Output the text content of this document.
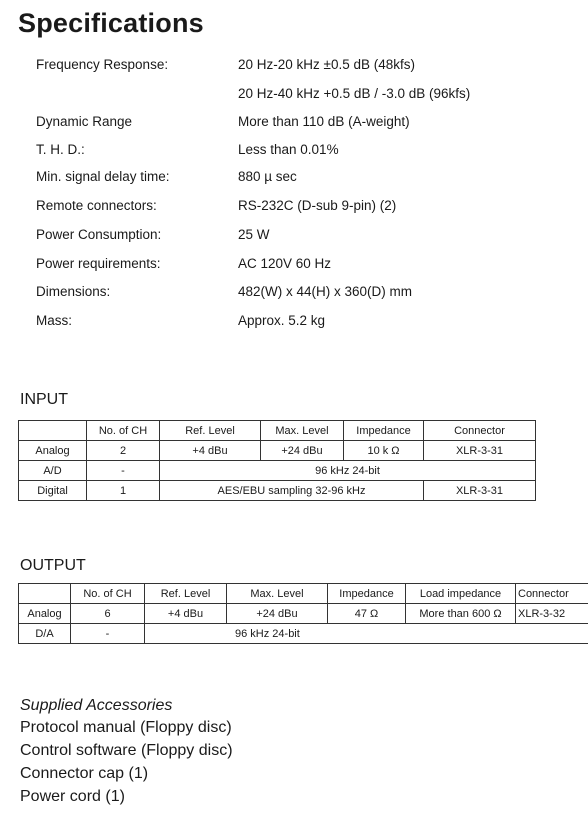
Specifications
Frequency Response:	20 Hz-20 kHz ±0.5 dB (48kfs)
20 Hz-40 kHz +0.5 dB / -3.0 dB (96kfs)
Dynamic Range	More than 110 dB (A-weight)
T. H. D.:	Less than 0.01%
Min. signal delay time:	880 µ sec
Remote connectors:	RS-232C (D-sub 9-pin) (2)
Power Consumption:	25 W
Power requirements:	AC 120V 60 Hz
Dimensions:	482(W) x 44(H) x 360(D) mm
Mass:	Approx. 5.2 kg
INPUT
	No. of CH	Ref. Level	Max. Level	Impedance	Connector
Analog	2	+4 dBu	+24 dBu	10 k Ω	XLR-3-31
A/D	-	96 kHz 24-bit			
Digital	1	AES/EBU sampling 32-96 kHz			XLR-3-31
OUTPUT
	No. of CH	Ref. Level	Max. Level	Impedance	Load impedance	Connector
Analog	6	+4 dBu	+24 dBu	47 Ω	More than 600 Ω	XLR-3-32
D/A	-	96 kHz 24-bit				
Supplied Accessories
Protocol manual (Floppy disc)
Control software (Floppy disc)
Connector cap (1)
Power cord (1)
